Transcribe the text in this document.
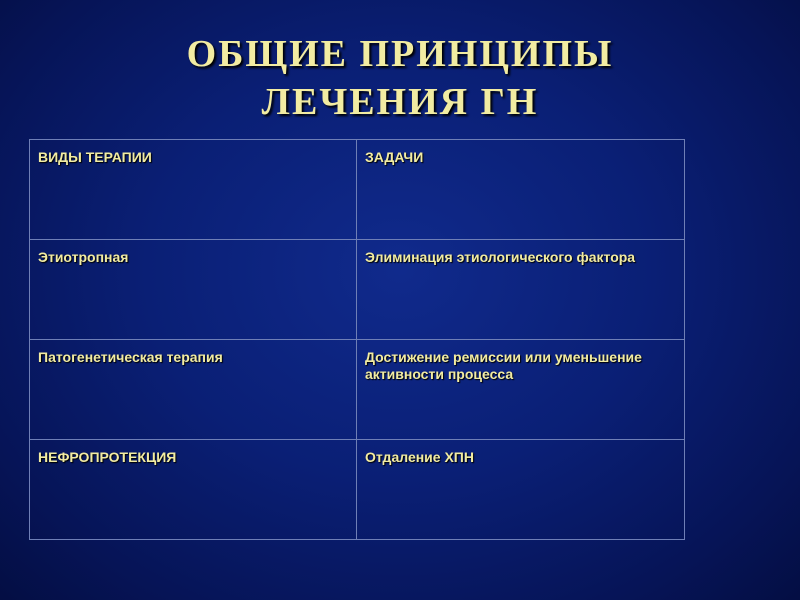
ОБЩИЕ ПРИНЦИПЫ
ЛЕЧЕНИЯ ГН
ВИДЫ ТЕРАПИИ	ЗАДАЧИ
Этиотропная	Элиминация этиологического фактора
Патогенетическая терапия	Достижение ремиссии или уменьшение активности процесса
НЕФРОПРОТЕКЦИЯ	Отдаление ХПН
